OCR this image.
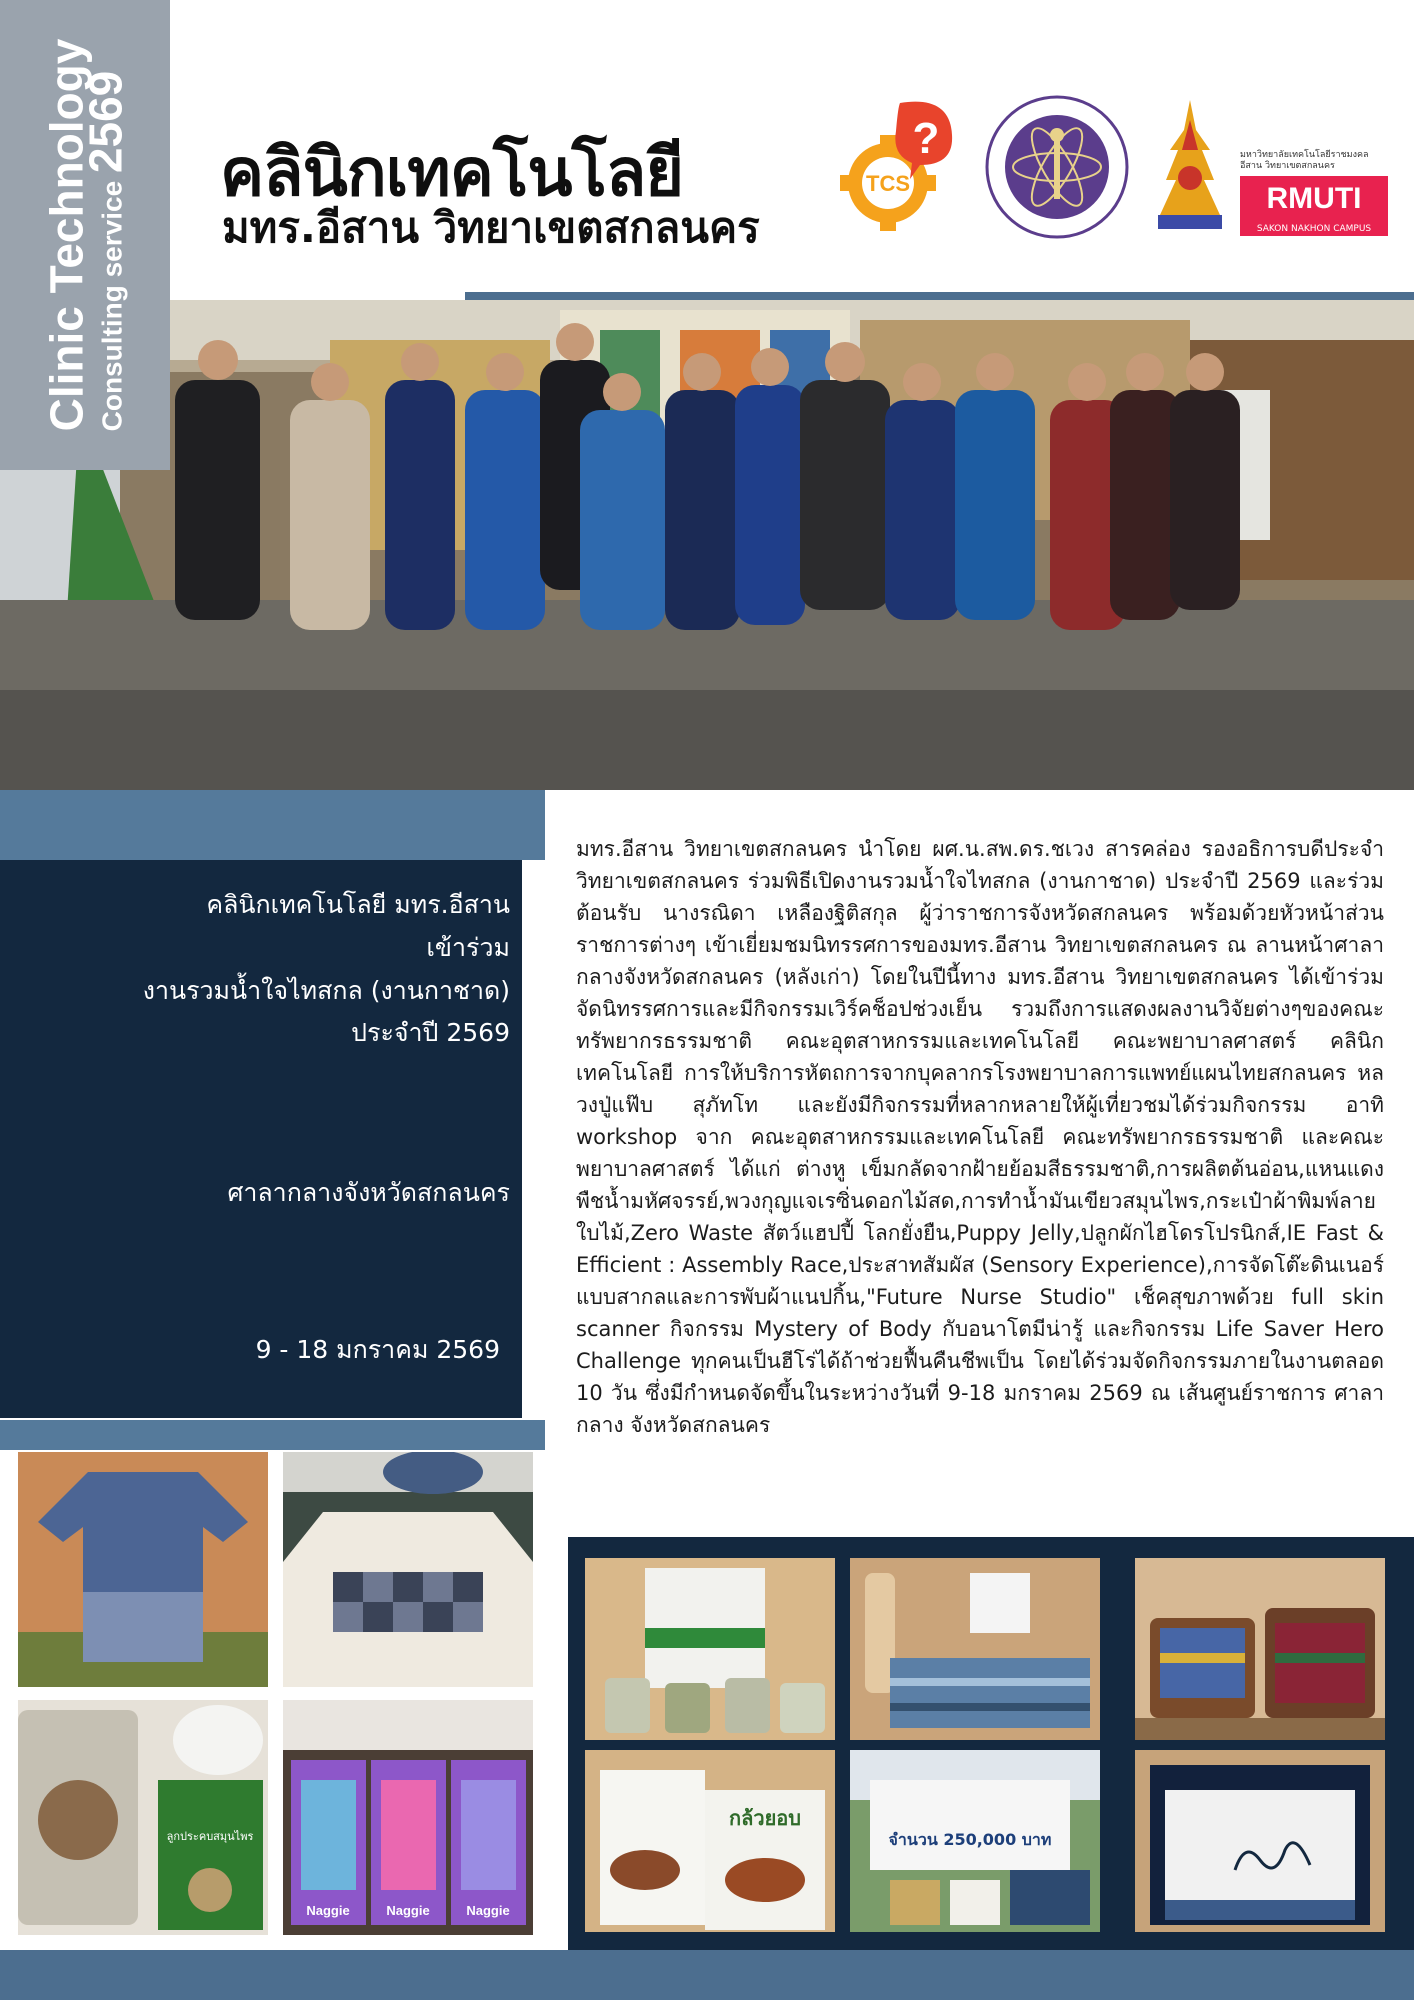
Clinic Technology Consulting service 2569 คลินิกเทคโนโลยี
มทร.อีสาน วิทยาเขตสกลนคร
TCS
?	มหาวิทยาลัยเทคโนโลยีราชมงคลอีสาน วิทยาเขตสกลนคร
RMUTI
SAKON NAKHON CAMPUS
คลินิกเทคโนโลยี มทร.อีสาน
เข้าร่วม
งานรวมน้ำใจไทสกล (งานกาชาด)
ประจำปี 2569
ศาลากลางจังหวัดสกลนคร
9 - 18 มกราคม 2569
มทร.อีสาน วิทยาเขตสกลนคร นำโดย ผศ.น.สพ.ดร.ชเวง สารคล่อง รองอธิการบดีประจำวิทยาเขตสกลนคร ร่วมพิธีเปิดงานรวมน้ำใจไทสกล (งานกาชาด) ประจำปี 2569 และร่วมต้อนรับ นางรณิดา เหลืองฐิติสกุล ผู้ว่าราชการจังหวัดสกลนคร พร้อมด้วยหัวหน้าส่วนราชการต่างๆ เข้าเยี่ยมชมนิทรรศการของมทร.อีสาน วิทยาเขตสกลนคร ณ ลานหน้าศาลากลางจังหวัดสกลนคร (หลังเก่า) โดยในปีนี้ทาง มทร.อีสาน วิทยาเขตสกลนคร ได้เข้าร่วมจัดนิทรรศการและมีกิจกรรมเวิร์คช็อปช่วงเย็น รวมถึงการแสดงผลงานวิจัยต่างๆของคณะทรัพยากรธรรมชาติ คณะอุตสาหกรรมและเทคโนโลยี คณะพยาบาลศาสตร์ คลินิกเทคโนโลยี การให้บริการหัตถการจากบุคลากรโรงพยาบาลการแพทย์แผนไทยสกลนคร หลวงปู่แฟ๊บ สุภัทโท และยังมีกิจกรรมที่หลากหลายให้ผู้เที่ยวชมได้ร่วมกิจกรรม อาทิ workshop จาก คณะอุตสาหกรรมและเทคโนโลยี คณะทรัพยากรธรรมชาติ และคณะพยาบาลศาสตร์ ได้แก่ ต่างหู เข็มกลัดจากฝ้ายย้อมสีธรรมชาติ,การผลิตต้นอ่อน,แหนแดงพืชน้ำมหัศจรรย์,พวงกุญแจเรซิ่นดอกไม้สด,การทำน้ำมันเขียวสมุนไพร,กระเป๋าผ้าพิมพ์ลายใบไม้,Zero Waste สัตว์แฮปปี้ โลกยั่งยืน,Puppy Jelly,ปลูกผักไฮโดรโปรนิกส์,IE Fast & Efficient : Assembly Race,ประสาทสัมผัส (Sensory Experience),การจัดโต๊ะดินเนอร์แบบสากลและการพับผ้าแนปกิ้น,"Future Nurse Studio" เช็คสุขภาพด้วย full skin scanner กิจกรรม Mystery of Body กับอนาโตมีน่ารู้ และกิจกรรม Life Saver Hero Challenge ทุกคนเป็นฮีโร่ได้ถ้าช่วยฟื้นคืนชีพเป็น โดยได้ร่วมจัดกิจกรรมภายในงานตลอด 10 วัน ซึ่งมีกำหนดจัดขึ้นในระหว่างวันที่ 9-18 มกราคม 2569 ณ เส้นศูนย์ราชการ ศาลากลาง จังหวัดสกลนคร
ลูกประคบสมุนไพร
Naggie	Naggie	Naggie
กล้วยอบ
จำนวน 250,000 บาท
